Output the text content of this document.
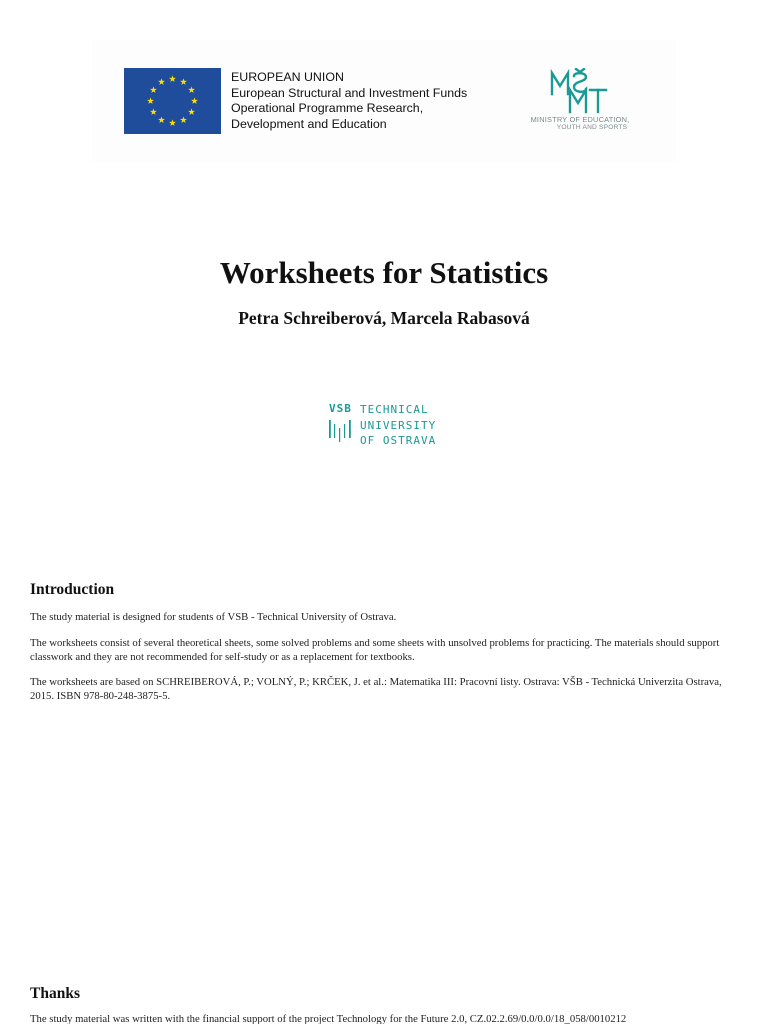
EUROPEAN UNION
European Structural and Investment Funds
Operational Programme Research,
Development and Education	MINISTRY OF EDUCATION,
YOUTH AND SPORTS
Worksheets for Statistics
Petra Schreiberová, Marcela Rabasová
VSB TECHNICAL
UNIVERSITY
OF OSTRAVA
Introduction

The study material is designed for students of VSB - Technical University of Ostrava.

The worksheets consist of several theoretical sheets, some solved problems and some sheets with unsolved problems for practicing. The materials should support classwork and they are not recommended for self-study or as a replacement for textbooks.

The worksheets are based on SCHREIBEROVÁ, P.; VOLNÝ, P.; KRČEK, J. et al.: Matematika III: Pracovní listy. Ostrava: VŠB - Technická Univerzita Ostrava, 2015. ISBN 978-80-248-3875-5.

Thanks

The study material was written with the financial support of the project Technology for the Future 2.0, CZ.02.2.69/0.0/0.0/18_058/0010212
